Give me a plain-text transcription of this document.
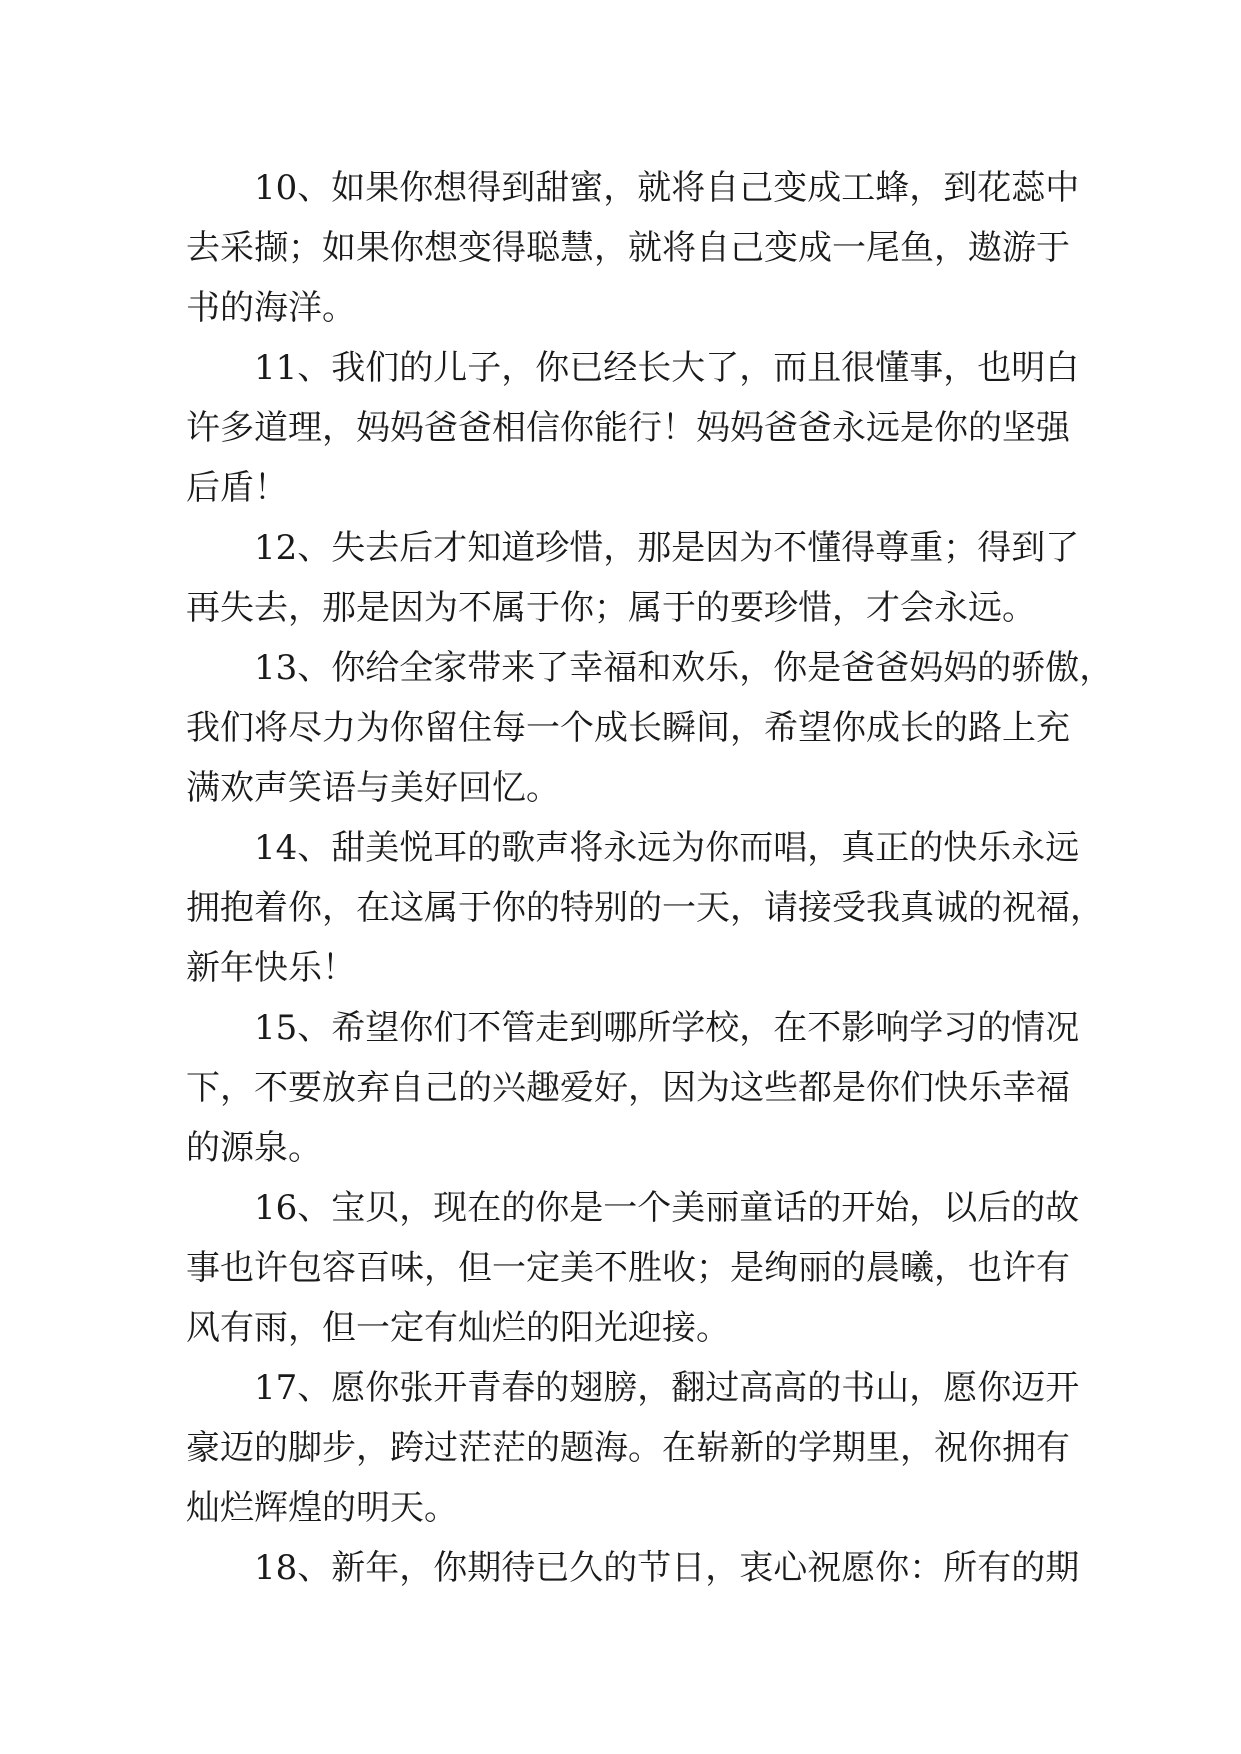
10、如果你想得到甜蜜，就将自己变成工蜂，到花蕊中
去采撷；如果你想变得聪慧，就将自己变成一尾鱼，遨游于
书的海洋。
11、我们的儿子，你已经长大了，而且很懂事，也明白
许多道理，妈妈爸爸相信你能行！妈妈爸爸永远是你的坚强
后盾！
12、失去后才知道珍惜，那是因为不懂得尊重；得到了
再失去，那是因为不属于你；属于的要珍惜，才会永远。
13、你给全家带来了幸福和欢乐，你是爸爸妈妈的骄傲，
我们将尽力为你留住每一个成长瞬间，希望你成长的路上充
满欢声笑语与美好回忆。
14、甜美悦耳的歌声将永远为你而唱，真正的快乐永远
拥抱着你，在这属于你的特别的一天，请接受我真诚的祝福，
新年快乐！
15、希望你们不管走到哪所学校，在不影响学习的情况
下，不要放弃自己的兴趣爱好，因为这些都是你们快乐幸福
的源泉。
16、宝贝，现在的你是一个美丽童话的开始，以后的故
事也许包容百味，但一定美不胜收；是绚丽的晨曦，也许有
风有雨，但一定有灿烂的阳光迎接。
17、愿你张开青春的翅膀，翻过高高的书山，愿你迈开
豪迈的脚步，跨过茫茫的题海。在崭新的学期里，祝你拥有
灿烂辉煌的明天。
18、新年，你期待已久的节日，衷心祝愿你：所有的期
